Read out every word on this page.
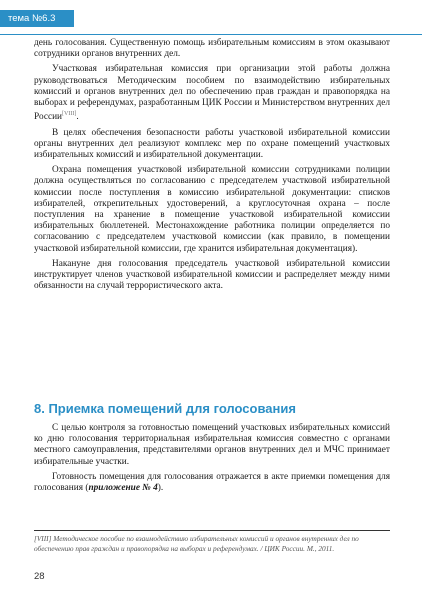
тема №6.3

день голосования. Существенную помощь избирательным комиссиям в этом оказывают сотрудники органов внутренних дел.

Участковая избирательная комиссия при организации этой работы должна руководствоваться Методическим пособием по взаимодействию избирательных комиссий и органов внутренних дел по обеспечению прав граждан и правопорядка на выборах и референдумах, разработанным ЦИК России и Министерством внутренних дел России[VIII].

В целях обеспечения безопасности работы участковой избирательной комиссии органы внутренних дел реализуют комплекс мер по охране помещений участковых избирательных комиссий и избирательной документации.

Охрана помещения участковой избирательной комиссии сотрудниками полиции должна осуществляться по согласованию с председателем участковой избирательной комиссии после поступления в комиссию избирательной документации: списков избирателей, открепительных удостоверений, а круглосуточная охрана – после поступления на хранение в помещение участковой избирательной комиссии избирательных бюллетеней. Местонахождение работника полиции определяется по согласованию с председателем участковой комиссии (как правило, в помещении участковой избирательной комиссии, где хранится избирательная документация).

Накануне дня голосования председатель участковой избирательной комиссии инструктирует членов участковой избирательной комиссии и распределяет между ними обязанности на случай террористического акта.

8. Приемка помещений для голосования

С целью контроля за готовностью помещений участковых избирательных комиссий ко дню голосования территориальная избирательная комиссия совместно с органами местного самоуправления, представителями органов внутренних дел и МЧС принимает избирательные участки.

Готовность помещения для голосования отражается в акте приемки помещения для голосования (приложение № 4).

[VIII] Методическое пособие по взаимодействию избирательных комиссий и органов внутренних дел по обеспечению прав граждан и правопорядка на выборах и референдумах. / ЦИК России. М., 2011.
28
